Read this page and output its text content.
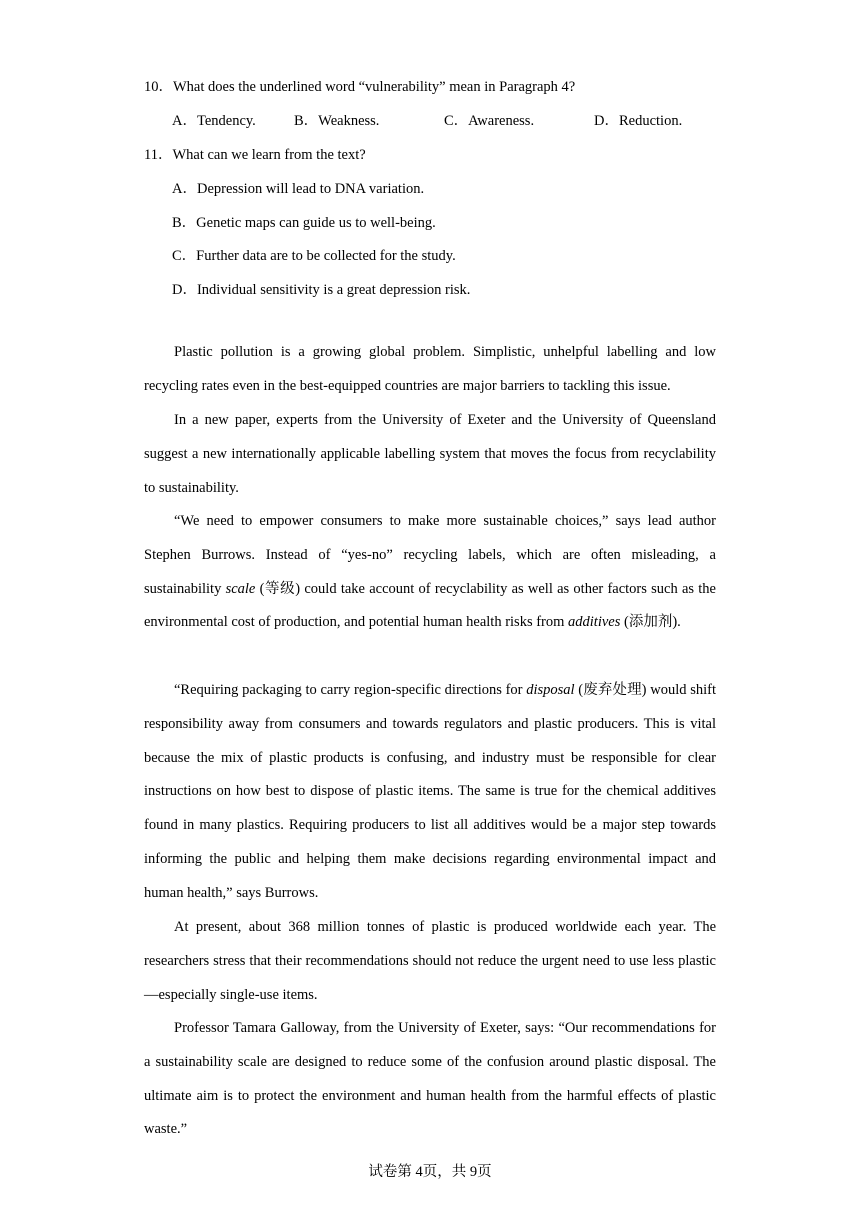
10．What does the underlined word “vulnerability” mean in Paragraph 4?
A．Tendency.	B．Weakness.	C．Awareness.	D．Reduction.
11．What can we learn from the text?
A．Depression will lead to DNA variation.
B．Genetic maps can guide us to well-being.
C．Further data are to be collected for the study.
D．Individual sensitivity is a great depression risk.

Plastic pollution is a growing global problem. Simplistic, unhelpful labelling and low recycling rates even in the best-equipped countries are major barriers to tackling this issue.

In a new paper, experts from the University of Exeter and the University of Queensland suggest a new internationally applicable labelling system that moves the focus from recyclability to sustainability.

“We need to empower consumers to make more sustainable choices,” says lead author Stephen Burrows. Instead of “yes-no” recycling labels, which are often misleading, a sustainability scale (等级) could take account of recyclability as well as other factors such as the environmental cost of production, and potential human health risks from additives (添加剂).

“Requiring packaging to carry region-specific directions for disposal (废弃处理) would shift responsibility away from consumers and towards regulators and plastic producers. This is vital because the mix of plastic products is confusing, and industry must be responsible for clear instructions on how best to dispose of plastic items. The same is true for the chemical additives found in many plastics. Requiring producers to list all additives would be a major step towards informing the public and helping them make decisions regarding environmental impact and human health,” says Burrows.

At present, about 368 million tonnes of plastic is produced worldwide each year. The researchers stress that their recommendations should not reduce the urgent need to use less plastic—especially single-use items.

Professor Tamara Galloway, from the University of Exeter, says: “Our recommendations for a sustainability scale are designed to reduce some of the confusion around plastic disposal. The ultimate aim is to protect the environment and human health from the harmful effects of plastic waste.”

试卷第 4页，共 9页
